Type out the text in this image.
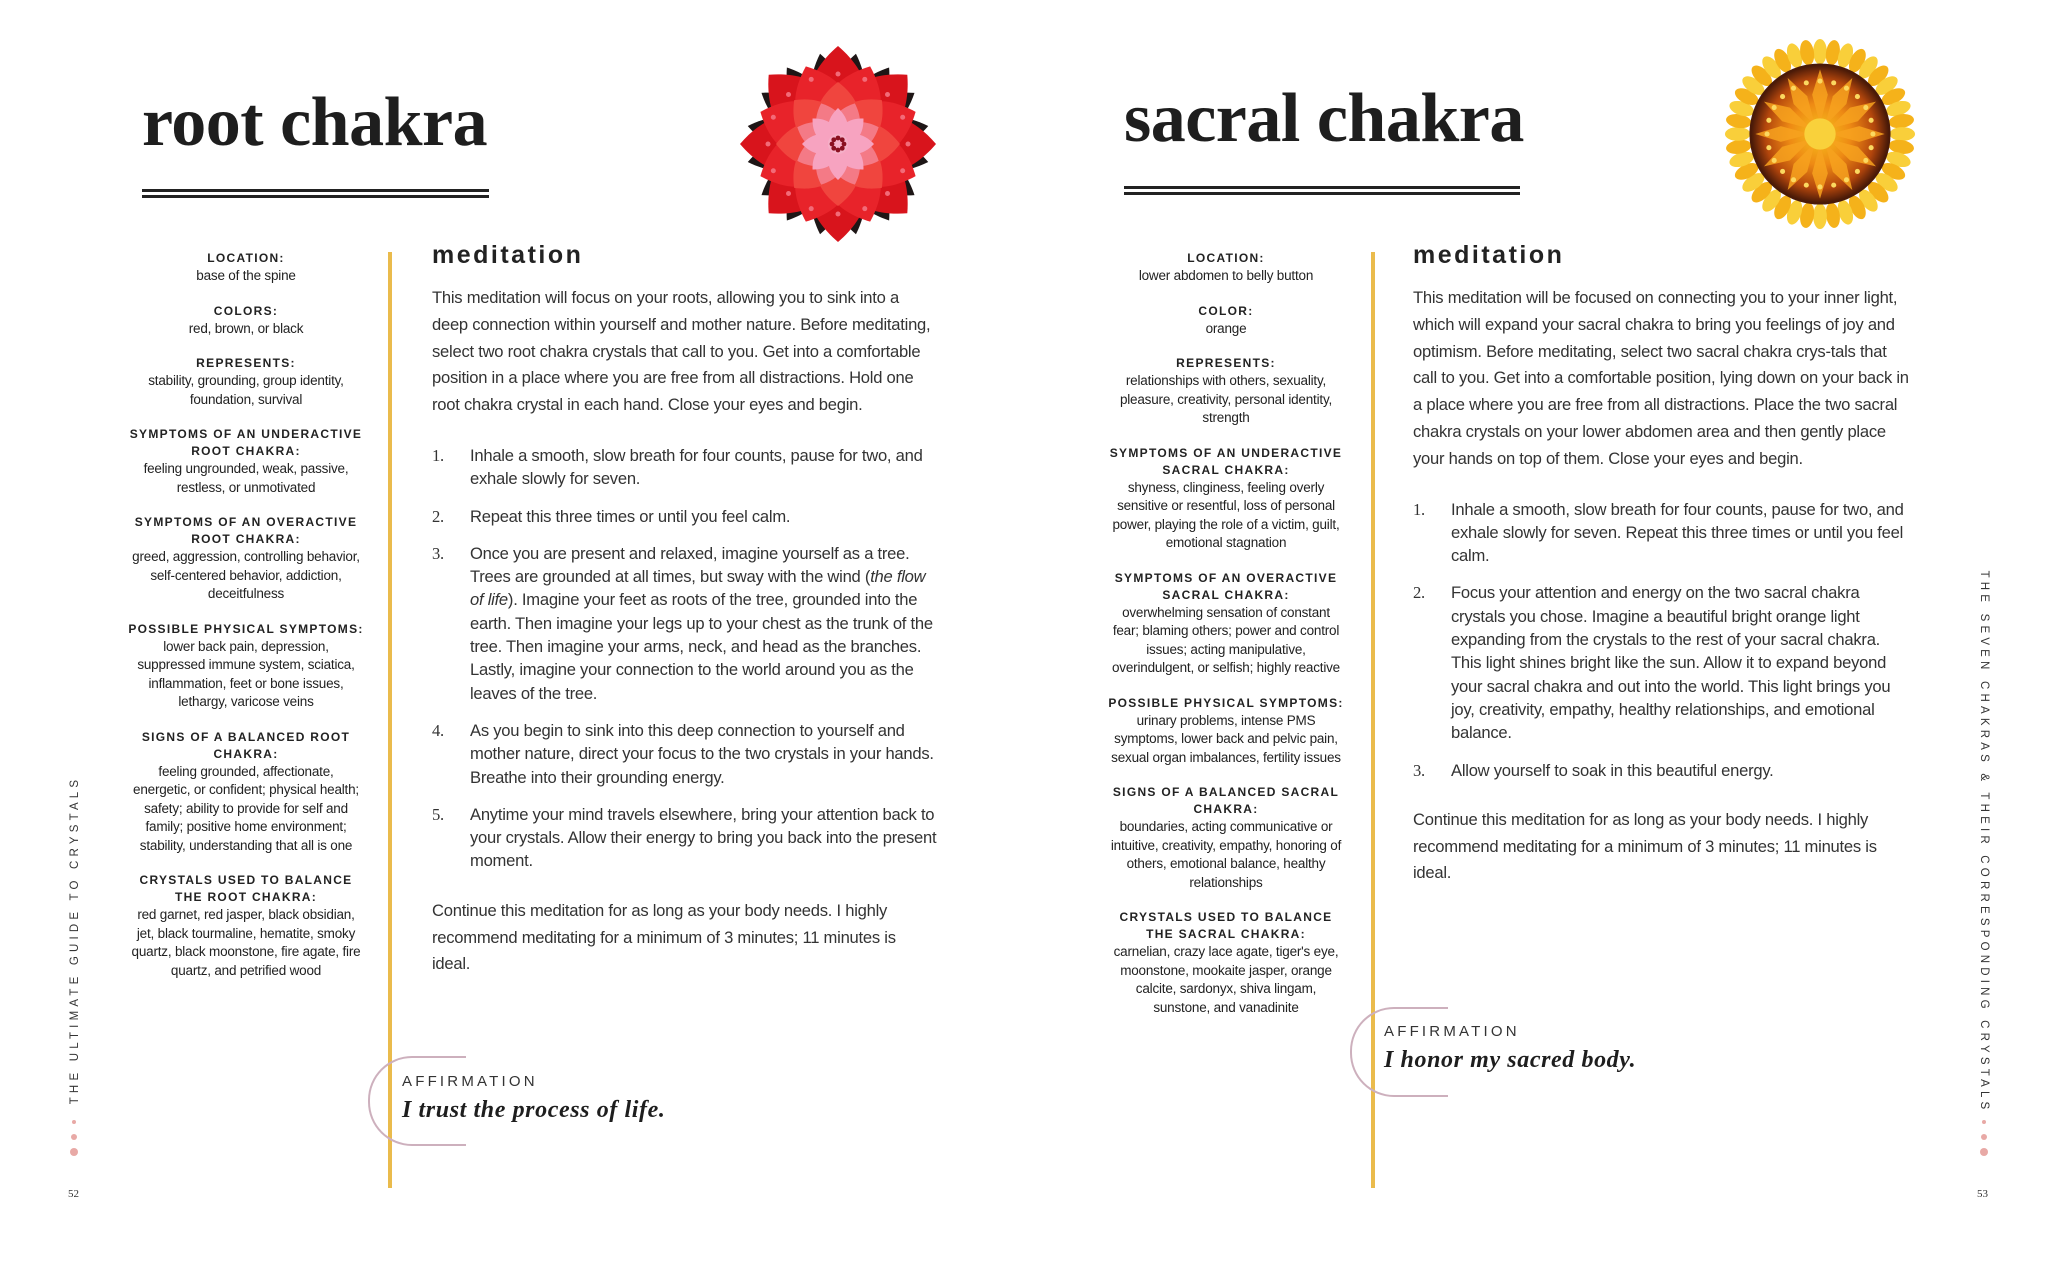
root chakra
LOCATION:
base of the spine
COLORS:
red, brown, or black
REPRESENTS:
stability, grounding, group identity, foundation, survival
SYMPTOMS OF AN UNDERACTIVE ROOT CHAKRA:
feeling ungrounded, weak, passive, restless, or unmotivated
SYMPTOMS OF AN OVERACTIVE ROOT CHAKRA:
greed, aggression, controlling behavior, self-centered behavior, addiction, deceitfulness
POSSIBLE PHYSICAL SYMPTOMS:
lower back pain, depression, suppressed immune system, sciatica, inflammation, feet or bone issues, lethargy, varicose veins
SIGNS OF A BALANCED ROOT CHAKRA:
feeling grounded, affectionate, energetic, or confident; physical health; safety; ability to provide for self and family; positive home environment; stability, understanding that all is one
CRYSTALS USED TO BALANCE THE ROOT CHAKRA:
red garnet, red jasper, black obsidian, jet, black tourmaline, hematite, smoky quartz, black moonstone, fire agate, fire quartz, and petrified wood
meditation

This meditation will focus on your roots, allowing you to sink into a deep connection within yourself and mother nature. Before meditating, select two root chakra crystals that call to you. Get into a comfortable position in a place where you are free from all distractions. Hold one root chakra crystal in each hand. Close your eyes and begin.

1.	Inhale a smooth, slow breath for four counts, pause for two, and exhale slowly for seven.
2.	Repeat this three times or until you feel calm.
3.	Once you are present and relaxed, imagine yourself as a tree. Trees are grounded at all times, but sway with the wind (the flow of life). Imagine your feet as roots of the tree, grounded into the earth. Then imagine your legs up to your chest as the trunk of the tree. Then imagine your arms, neck, and head as the branches. Lastly, imagine your connection to the world around you as the leaves of the tree.
4.	As you begin to sink into this deep connection to yourself and mother nature, direct your focus to the two crystals in your hands. Breathe into their grounding energy.
5.	Anytime your mind travels elsewhere, bring your attention back to your crystals. Allow their energy to bring you back into the present moment.

Continue this meditation for as long as your body needs. I highly recommend meditating for a minimum of 3 minutes; 11 minutes is ideal.

AFFIRMATION
I trust the process of life.
THE ULTIMATE GUIDE TO CRYSTALS
52
sacral chakra
LOCATION:
lower abdomen to belly button
COLOR:
orange
REPRESENTS:
relationships with others, sexuality, pleasure, creativity, personal identity, strength
SYMPTOMS OF AN UNDERACTIVE SACRAL CHAKRA:
shyness, clinginess, feeling overly sensitive or resentful, loss of personal power, playing the role of a victim, guilt, emotional stagnation
SYMPTOMS OF AN OVERACTIVE SACRAL CHAKRA:
overwhelming sensation of constant fear; blaming others; power and control issues; acting manipulative, overindulgent, or selfish; highly reactive
POSSIBLE PHYSICAL SYMPTOMS:
urinary problems, intense PMS symptoms, lower back and pelvic pain, sexual organ imbalances, fertility issues
SIGNS OF A BALANCED SACRAL CHAKRA:
boundaries, acting communicative or intuitive, creativity, empathy, honoring of others, emotional balance, healthy relationships
CRYSTALS USED TO BALANCE THE SACRAL CHAKRA:
carnelian, crazy lace agate, tiger's eye, moonstone, mookaite jasper, orange calcite, sardonyx, shiva lingam, sunstone, and vanadinite
meditation

This meditation will be focused on connecting you to your inner light, which will expand your sacral chakra to bring you feelings of joy and optimism. Before meditating, select two sacral chakra crys-tals that call to you. Get into a comfortable position, lying down on your back in a place where you are free from all distractions. Place the two sacral chakra crystals on your lower abdomen area and then gently place your hands on top of them. Close your eyes and begin.

1.	Inhale a smooth, slow breath for four counts, pause for two, and exhale slowly for seven. Repeat this three times or until you feel calm.
2.	Focus your attention and energy on the two sacral chakra crystals you chose. Imagine a beautiful bright orange light expanding from the crystals to the rest of your sacral chakra. This light shines bright like the sun. Allow it to expand beyond your sacral chakra and out into the world. This light brings you joy, creativity, empathy, healthy relationships, and emotional balance.
3.	Allow yourself to soak in this beautiful energy.

Continue this meditation for as long as your body needs. I highly recommend meditating for a minimum of 3 minutes; 11 minutes is ideal.

AFFIRMATION
I honor my sacred body.	THE SEVEN CHAKRAS & THEIR CORRESPONDING CRYSTALS
53
